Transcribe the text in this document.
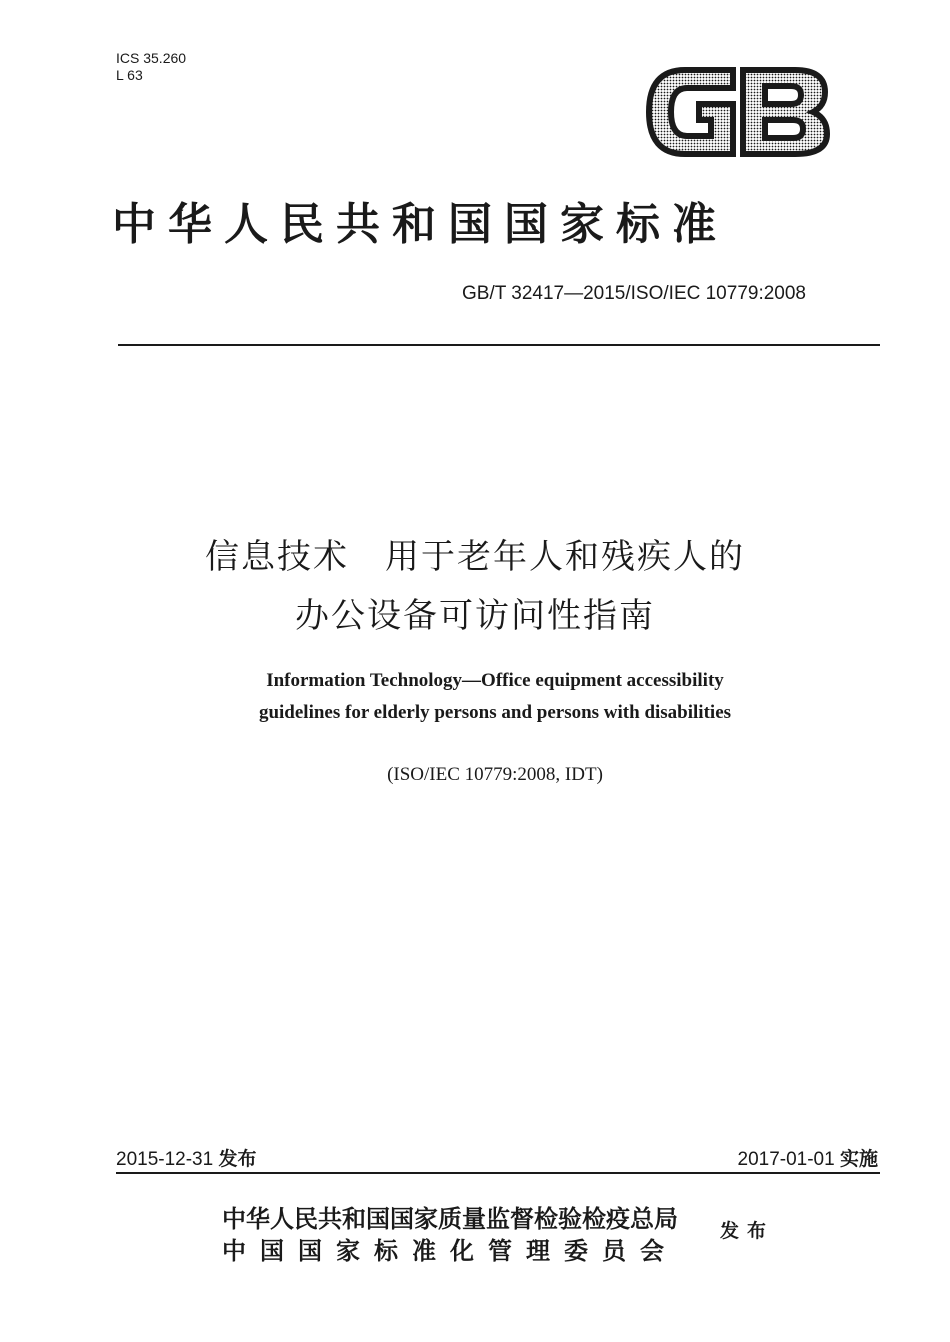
ICS 35.260
L 63
中华人民共和国国家标准
GB/T 32417—2015/ISO/IEC 10779:2008
信息技术　用于老年人和残疾人的
办公设备可访问性指南
Information Technology—Office equipment accessibility
guidelines for elderly persons and persons with disabilities
(ISO/IEC 10779:2008, IDT)
2015-12-31 发布	2017-01-01 实施
中华人民共和国国家质量监督检验检疫总局
中国国家标准化管理委员会
发布
